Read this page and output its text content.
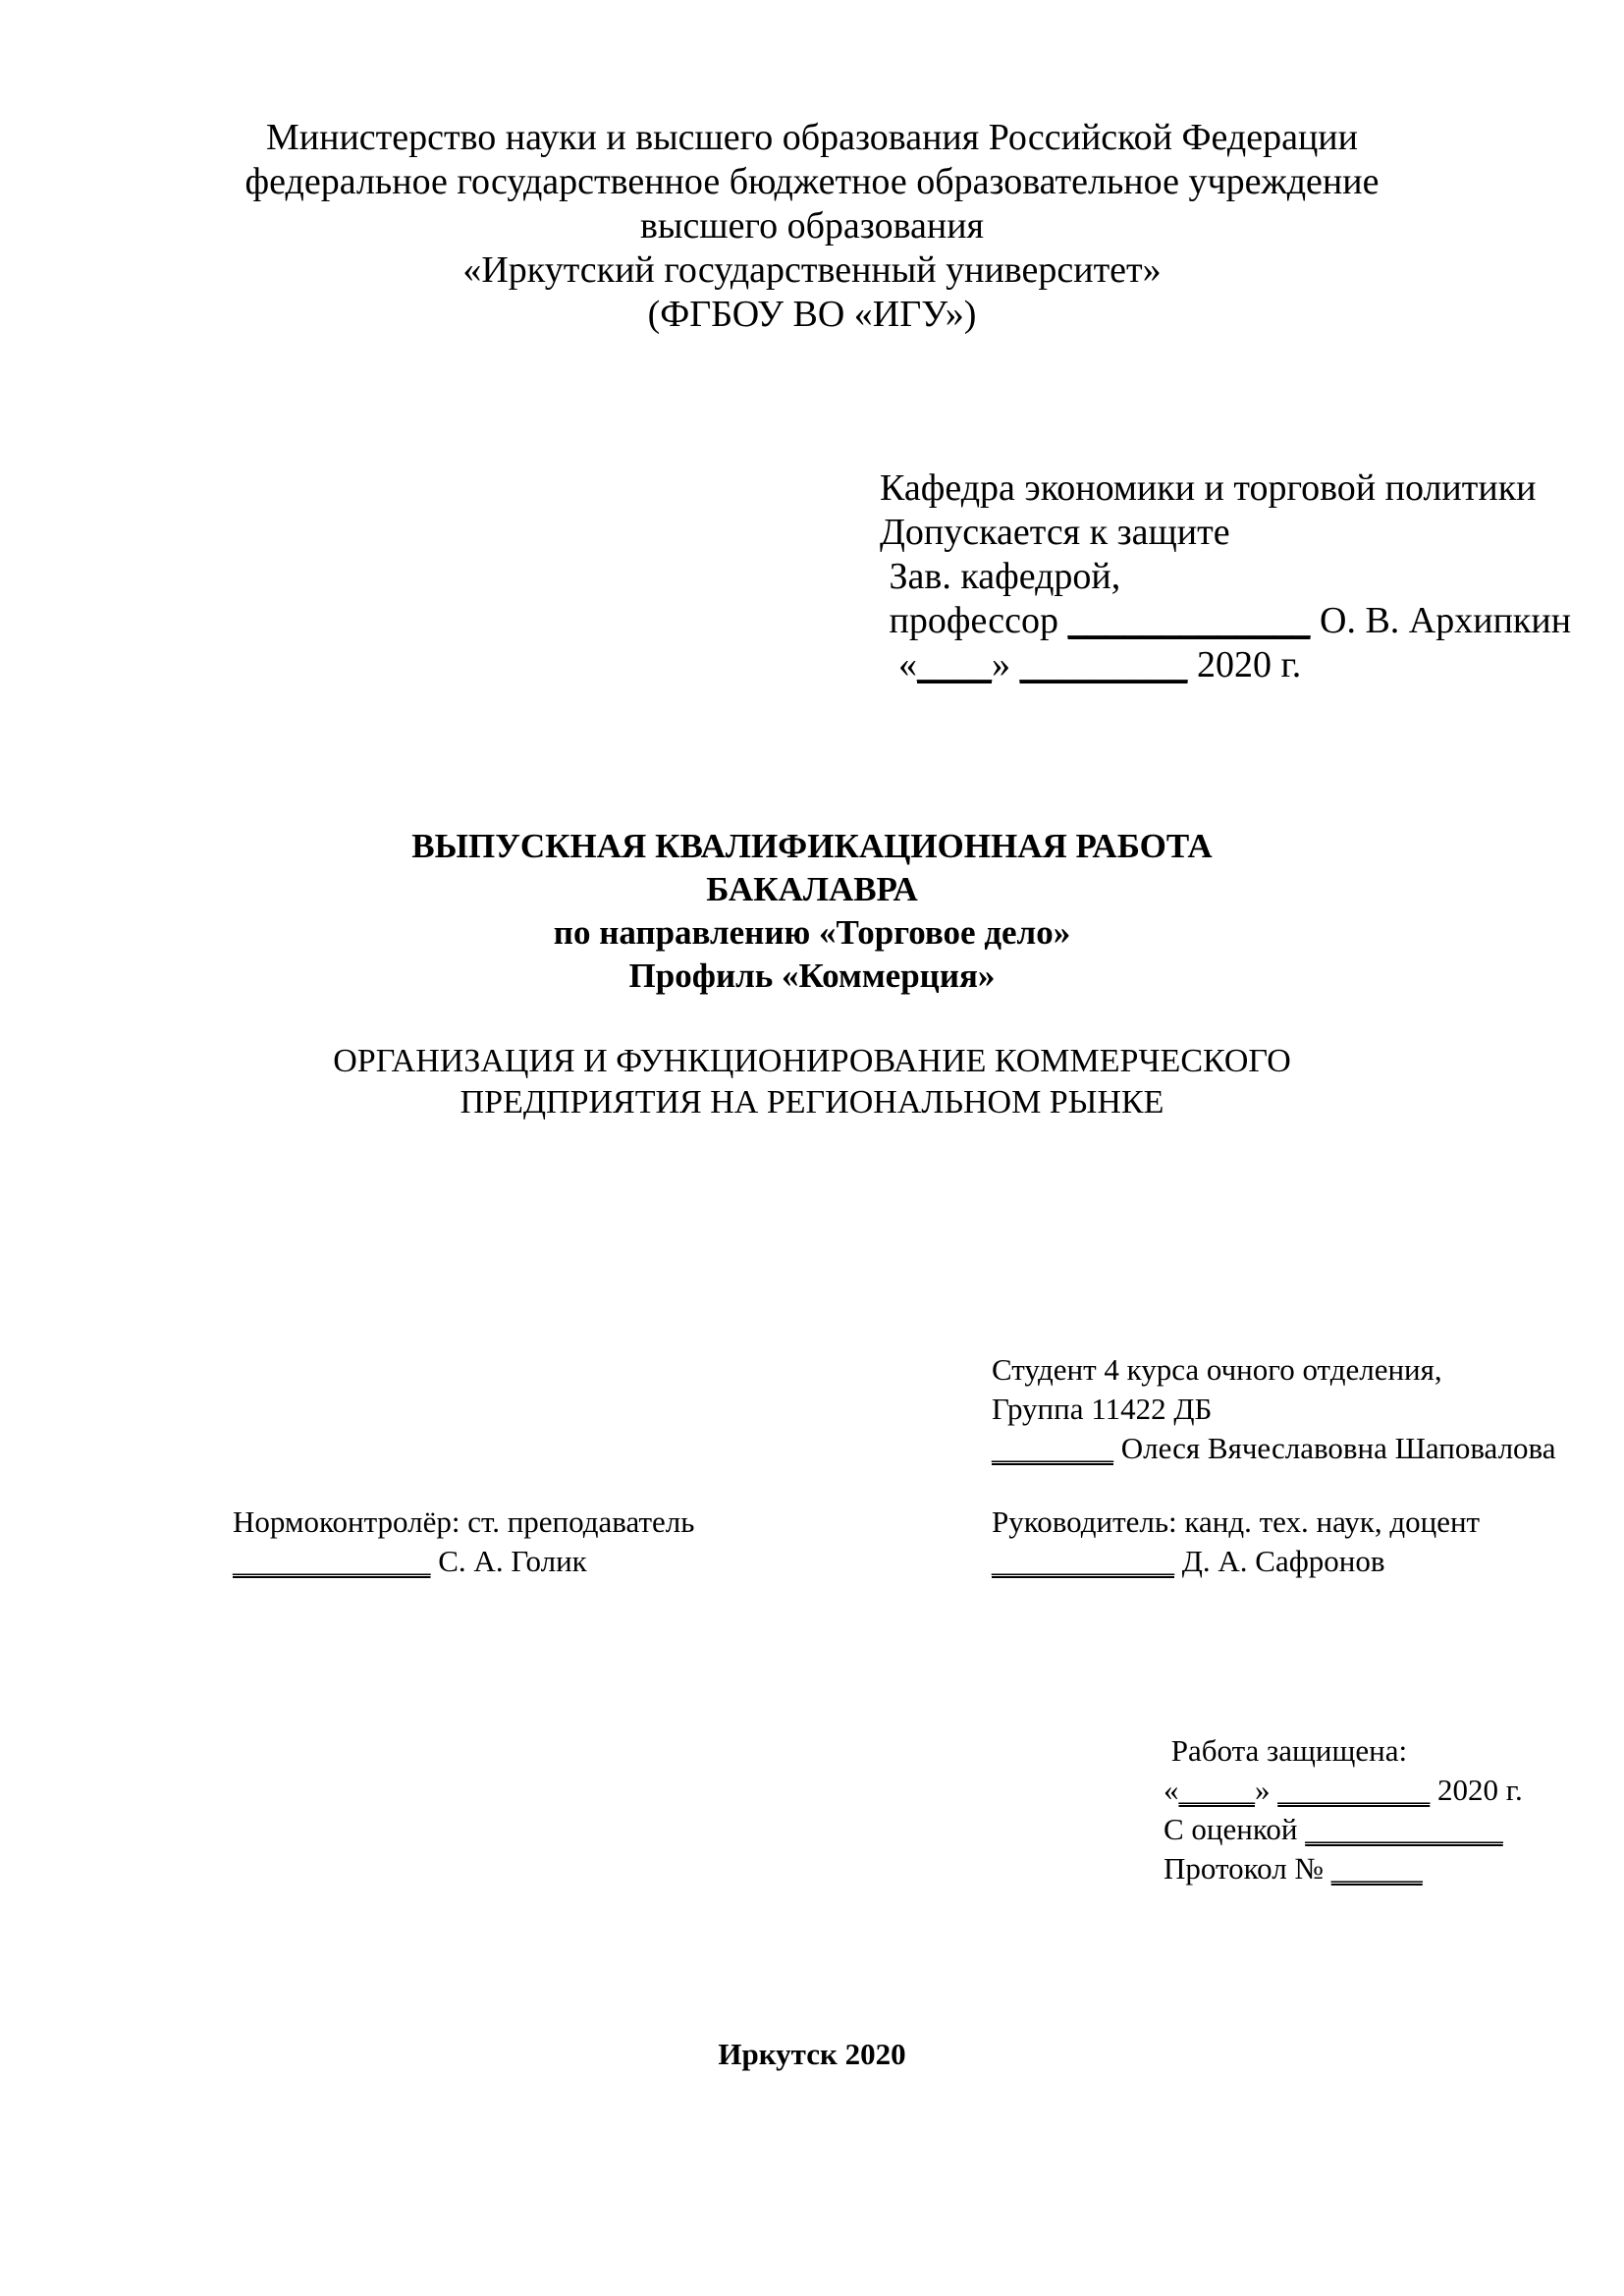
Министерство науки и высшего образования Российской Федерации
федеральное государственное бюджетное образовательное учреждение
высшего образования
«Иркутский государственный университет»
(ФГБОУ ВО «ИГУ»)
Кафедра экономики и торговой политики
Допускается к защите
Зав. кафедрой,
профессор _____________ О. В. Архипкин
«____» _________ 2020 г.
ВЫПУСКНАЯ КВАЛИФИКАЦИОННАЯ РАБОТА
БАКАЛАВРА
по направлению «Торговое дело»
Профиль «Коммерция»
ОРГАНИЗАЦИЯ И ФУНКЦИОНИРОВАНИЕ КОММЕРЧЕСКОГО
ПРЕДПРИЯТИЯ НА РЕГИОНАЛЬНОМ РЫНКЕ
Студент 4 курса очного отделения,
Группа 11422 ДБ
________ Олеся Вячеславовна Шаповалова
Нормоконтролёр: ст. преподаватель
_____________ С. А. Голик
Руководитель: канд. тех. наук, доцент
____________ Д. А. Сафронов
Работа защищена:
«_____» __________ 2020 г.
С оценкой _____________
Протокол № ______
Иркутск 2020
